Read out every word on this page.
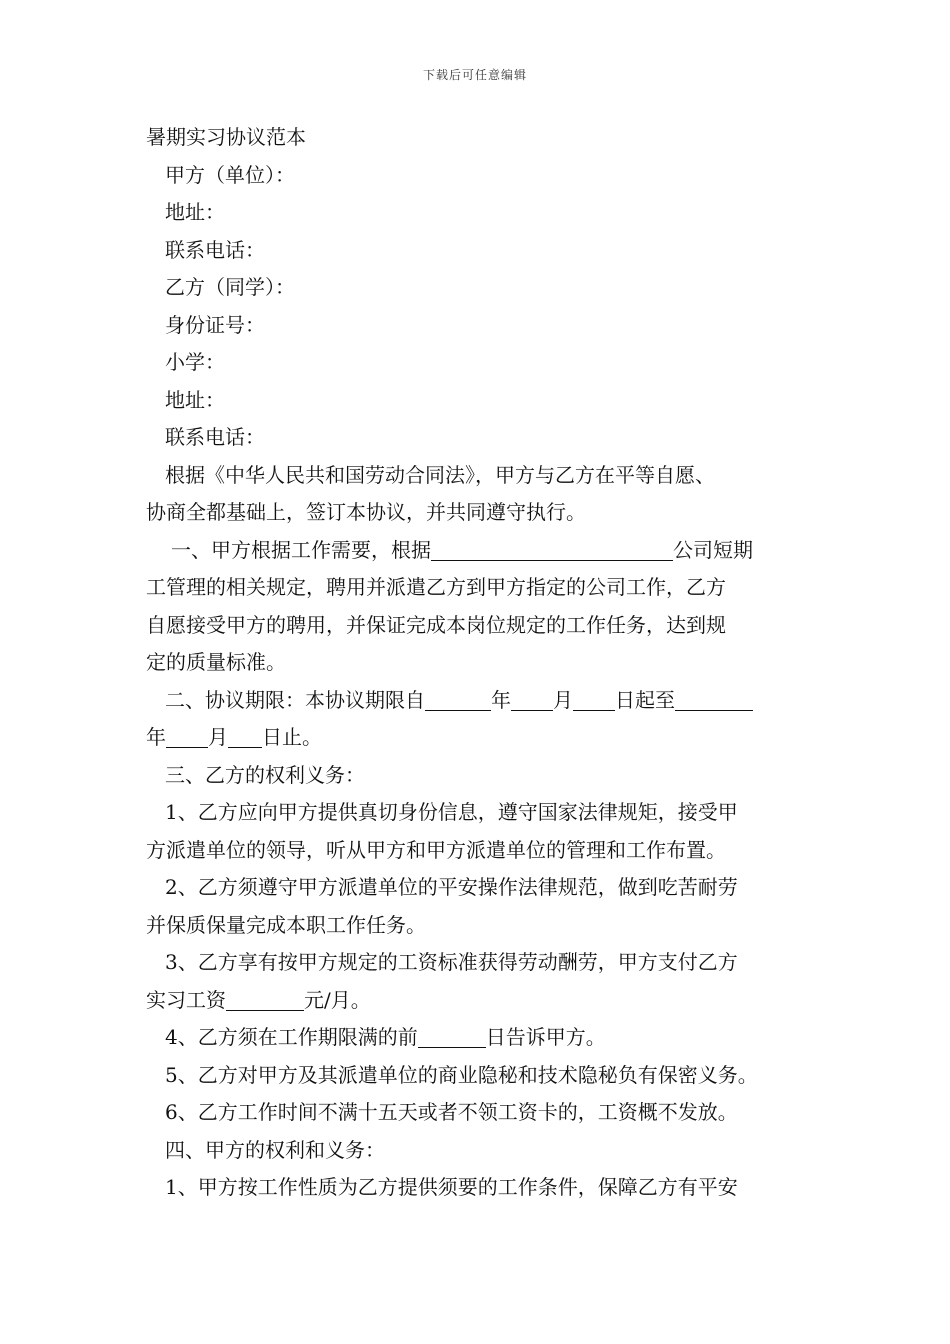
下载后可任意编辑
暑期实习协议范本
甲方（单位）：
地址：
联系电话：
乙方（同学）：
身份证号：
小学：
地址：
联系电话：
根据《中华人民共和国劳动合同法》，甲方与乙方在平等自愿、
协商全都基础上，签订本协议，并共同遵守执行。
一、甲方根据工作需要，根据	公司短期
工管理的相关规定，聘用并派遣乙方到甲方指定的公司工作，乙方
自愿接受甲方的聘用，并保证完成本岗位规定的工作任务，达到规
定的质量标准。
二、协议期限：本协议期限自	年 月 日起至
年 月 日止。
三、乙方的权利义务：
1、乙方应向甲方提供真切身份信息，遵守国家法律规矩，接受甲
方派遣单位的领导，听从甲方和甲方派遣单位的管理和工作布置。
2、乙方须遵守甲方派遣单位的平安操作法律规范，做到吃苦耐劳
并保质保量完成本职工作任务。
3、乙方享有按甲方规定的工资标准获得劳动酬劳，甲方支付乙方
实习工资	元/月。
4、乙方须在工作期限满的前	日告诉甲方。
5、乙方对甲方及其派遣单位的商业隐秘和技术隐秘负有保密义务。
6、乙方工作时间不满十五天或者不领工资卡的，工资概不发放。
四、甲方的权利和义务：
1、甲方按工作性质为乙方提供须要的工作条件，保障乙方有平安
